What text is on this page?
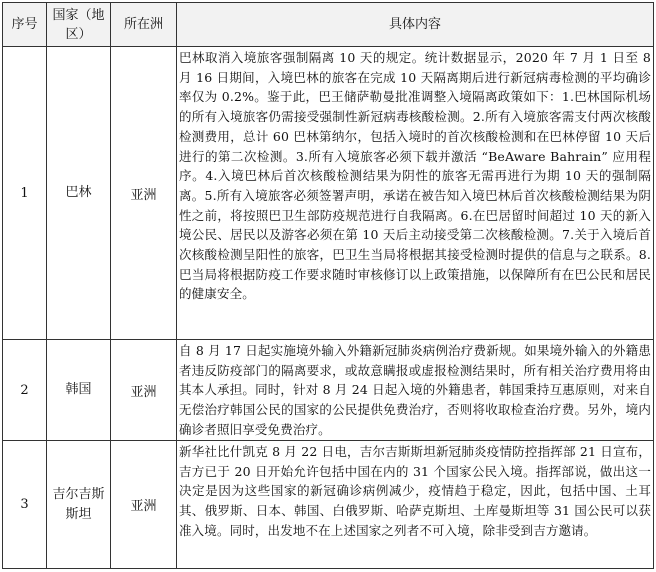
序号	国家（地区）	所在洲	具体内容
1	巴林	亚洲	巴林取消入境旅客强制隔离 10 天的规定。统计数据显示，2020 年 7 月 1 日至 8 月 16 日期间，入境巴林的旅客在完成 10 天隔离期后进行新冠病毒检测的平均确诊率仅为 0.2%。鉴于此，巴王储萨勒曼批准调整入境隔离政策如下：1.巴林国际机场的所有入境旅客仍需接受强制性新冠病毒核酸检测。2.所有入境旅客需支付两次核酸检测费用，总计 60 巴林第纳尔，包括入境时的首次核酸检测和在巴林停留 10 天后进行的第二次检测。3.所有入境旅客必须下载并激活 “BeAware Bahrain” 应用程序。4.入境巴林后首次核酸检测结果为阴性的旅客无需再进行为期 10 天的强制隔离。5.所有入境旅客必须签署声明，承诺在被告知入境巴林后首次核酸检测结果为阴性之前，将按照巴卫生部防疫规范进行自我隔离。6.在巴居留时间超过 10 天的新入境公民、居民以及游客必须在第 10 天后主动接受第二次核酸检测。7.关于入境后首次核酸检测呈阳性的旅客，巴卫生当局将根据其接受检测时提供的信息与之联系。8.巴当局将根据防疫工作要求随时审核修订以上政策措施，以保障所有在巴公民和居民的健康安全。
2	韩国	亚洲	自 8 月 17 日起实施境外输入外籍新冠肺炎病例治疗费新规。如果境外输入的外籍患者违反防疫部门的隔离要求，或故意瞒报或虚报检测结果时，所有相关治疗费用将由其本人承担。同时，针对 8 月 24 日起入境的外籍患者，韩国秉持互惠原则，对来自无偿治疗韩国公民的国家的公民提供免费治疗，否则将收取检查治疗费。另外，境内确诊者照旧享受免费治疗。
3	吉尔吉斯斯坦	亚洲	新华社比什凯克 8 月 22 日电，吉尔吉斯斯坦新冠肺炎疫情防控指挥部 21 日宣布，吉方已于 20 日开始允许包括中国在内的 31 个国家公民入境。指挥部说，做出这一决定是因为这些国家的新冠确诊病例减少，疫情趋于稳定，因此，包括中国、土耳其、俄罗斯、日本、韩国、白俄罗斯、哈萨克斯坦、土库曼斯坦等 31 国公民可以获准入境。同时，出发地不在上述国家之列者不可入境，除非受到吉方邀请。
